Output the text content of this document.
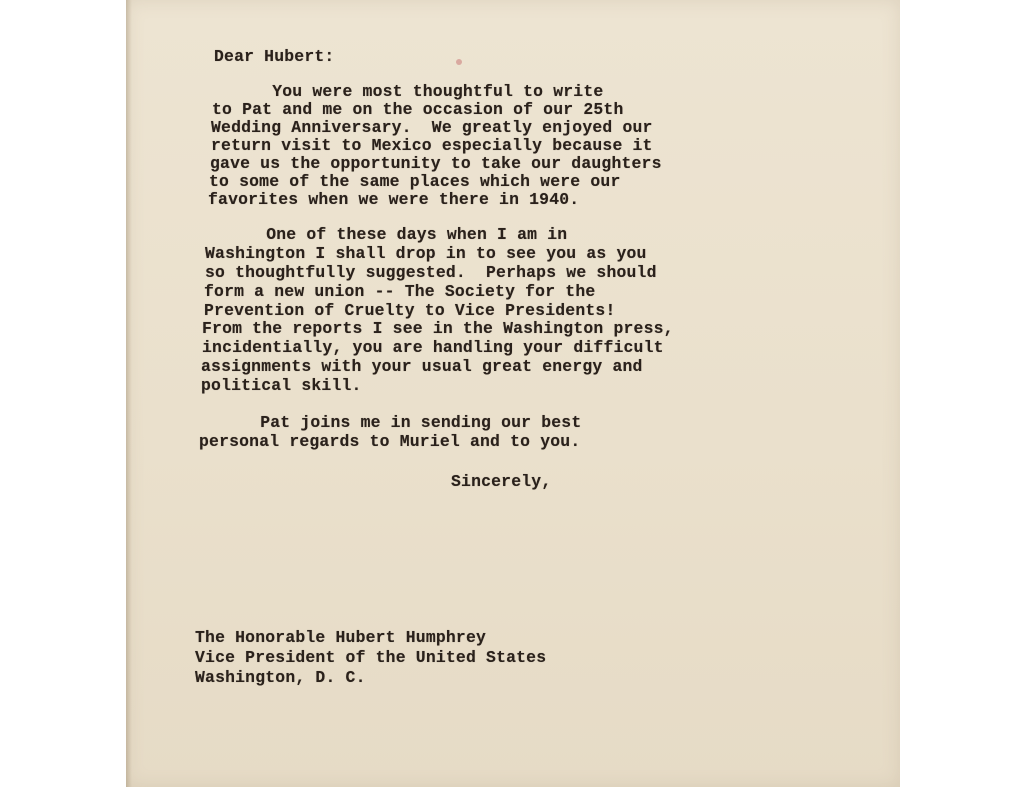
Dear Hubert:
You were most thoughtful to write
to Pat and me on the occasion of our 25th
Wedding Anniversary.  We greatly enjoyed our
return visit to Mexico especially because it
gave us the opportunity to take our daughters
to some of the same places which were our
favorites when we were there in 1940.
One of these days when I am in
Washington I shall drop in to see you as you
so thoughtfully suggested.  Perhaps we should
form a new union -- The Society for the
Prevention of Cruelty to Vice Presidents!
From the reports I see in the Washington press,
incidentially, you are handling your difficult
assignments with your usual great energy and
political skill.
Pat joins me in sending our best
personal regards to Muriel and to you.
Sincerely,
The Honorable Hubert Humphrey
Vice President of the United States
Washington, D. C.
